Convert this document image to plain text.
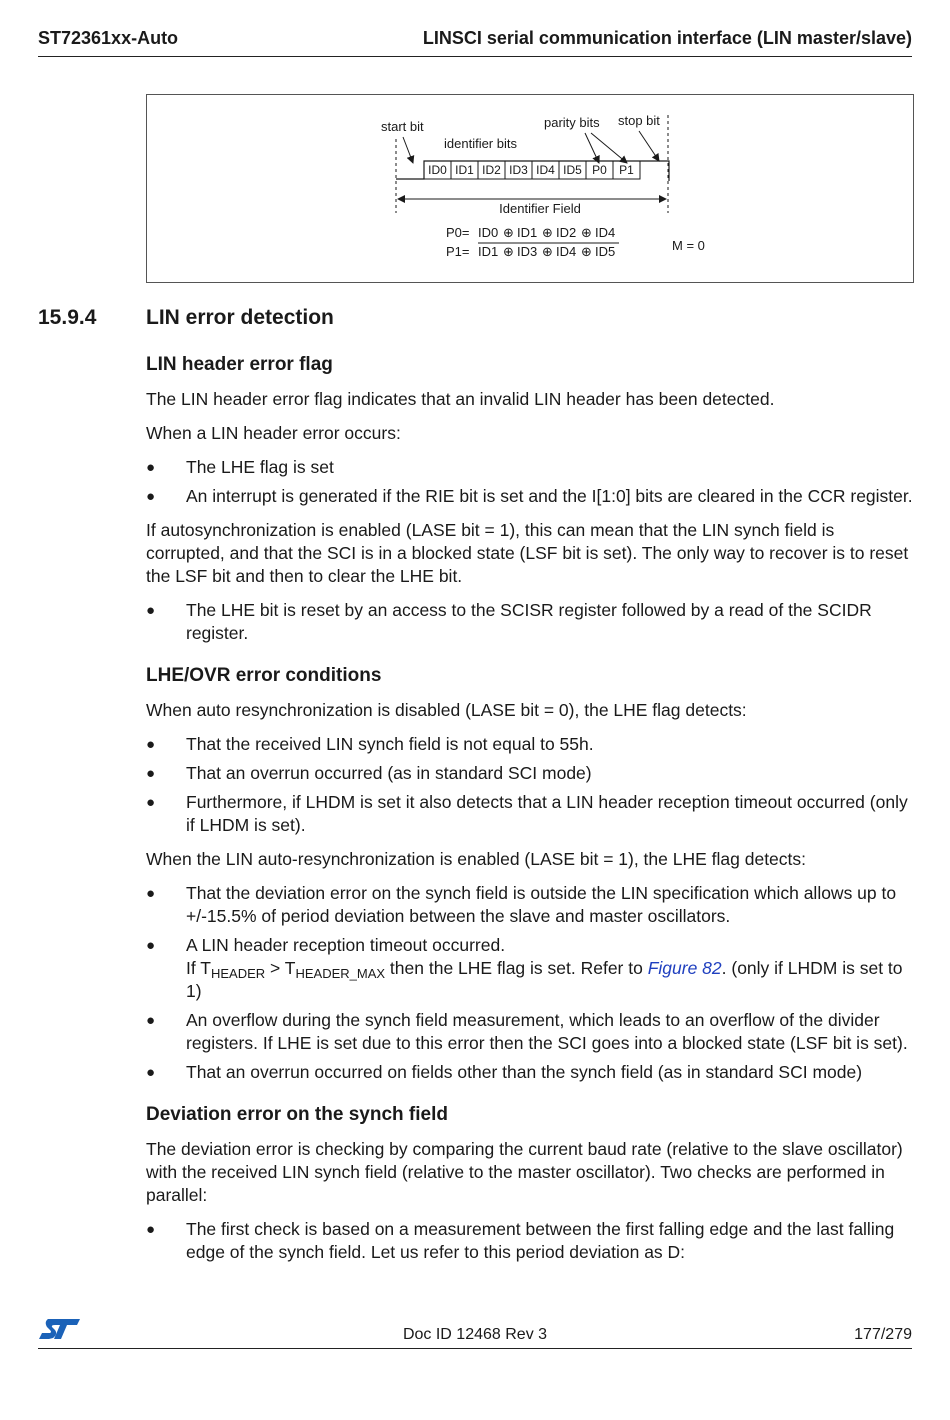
ST72361xx-Auto	LINSCI serial communication interface (LIN master/slave)
start bit
identifier bits
parity bits stop bit
ID0 ID1 ID2 ID3 ID4 ID5 P0 P1
Identifier Field
P0= ID0 ⊕ ID1 ⊕ ID2 ⊕ ID4
P1= ID1 ⊕ ID3 ⊕ ID4 ⊕ ID5	M = 0
15.9.4 LIN error detection
LIN header error flag

The LIN header error flag indicates that an invalid LIN header has been detected.

When a LIN header error occurs:

● The LHE flag is set
● An interrupt is generated if the RIE bit is set and the I[1:0] bits are cleared in the CCR register.

If autosynchronization is enabled (LASE bit = 1), this can mean that the LIN synch field is corrupted, and that the SCI is in a blocked state (LSF bit is set). The only way to recover is to reset the LSF bit and then to clear the LHE bit.

● The LHE bit is reset by an access to the SCISR register followed by a read of the SCIDR register.
LHE/OVR error conditions

When auto resynchronization is disabled (LASE bit = 0), the LHE flag detects:

● That the received LIN synch field is not equal to 55h.
● That an overrun occurred (as in standard SCI mode)
● Furthermore, if LHDM is set it also detects that a LIN header reception timeout occurred (only if LHDM is set).

When the LIN auto-resynchronization is enabled (LASE bit = 1), the LHE flag detects:

● That the deviation error on the synch field is outside the LIN specification which allows up to +/-15.5% of period deviation between the slave and master oscillators.
● A LIN header reception timeout occurred.
If $T_{HEADER} > T_{HEADER\_MAX}$ then the LHE flag is set. Refer to Figure 82. (only if LHDM is set to 1)
● An overflow during the synch field measurement, which leads to an overflow of the divider registers. If LHE is set due to this error then the SCI goes into a blocked state (LSF bit is set).
● That an overrun occurred on fields other than the synch field (as in standard SCI mode)
Deviation error on the synch field

The deviation error is checking by comparing the current baud rate (relative to the slave oscillator) with the received LIN synch field (relative to the master oscillator). Two checks are performed in parallel:

● The first check is based on a measurement between the first falling edge and the last falling edge of the synch field. Let us refer to this period deviation as D:
Doc ID 12468 Rev 3	177/279
